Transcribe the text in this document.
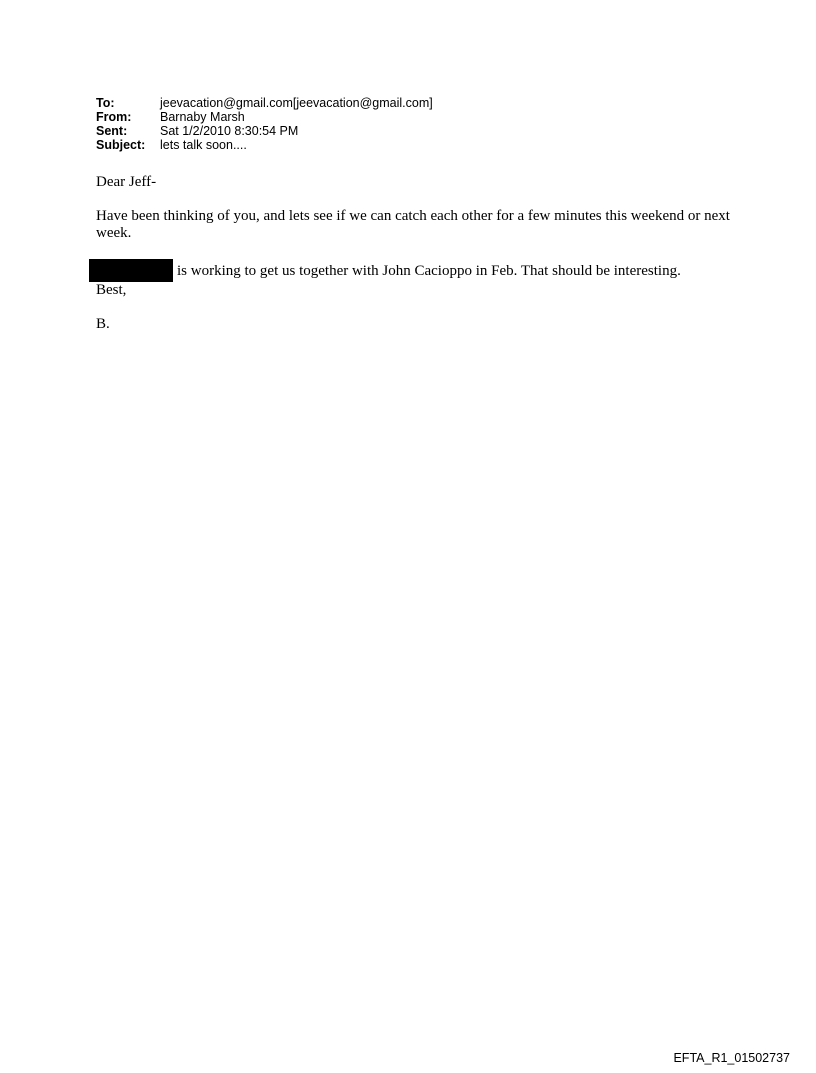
To:	jeevacation@gmail.com[jeevacation@gmail.com]
From:	Barnaby Marsh
Sent:	Sat 1/2/2010 8:30:54 PM
Subject:	lets talk soon....

Dear Jeff-

Have been thinking of you, and lets see if we can catch each other for a few minutes this weekend or next week.

is working to get us together with John Cacioppo in Feb. That should be interesting.

Best,

B.

EFTA_R1_01502737
